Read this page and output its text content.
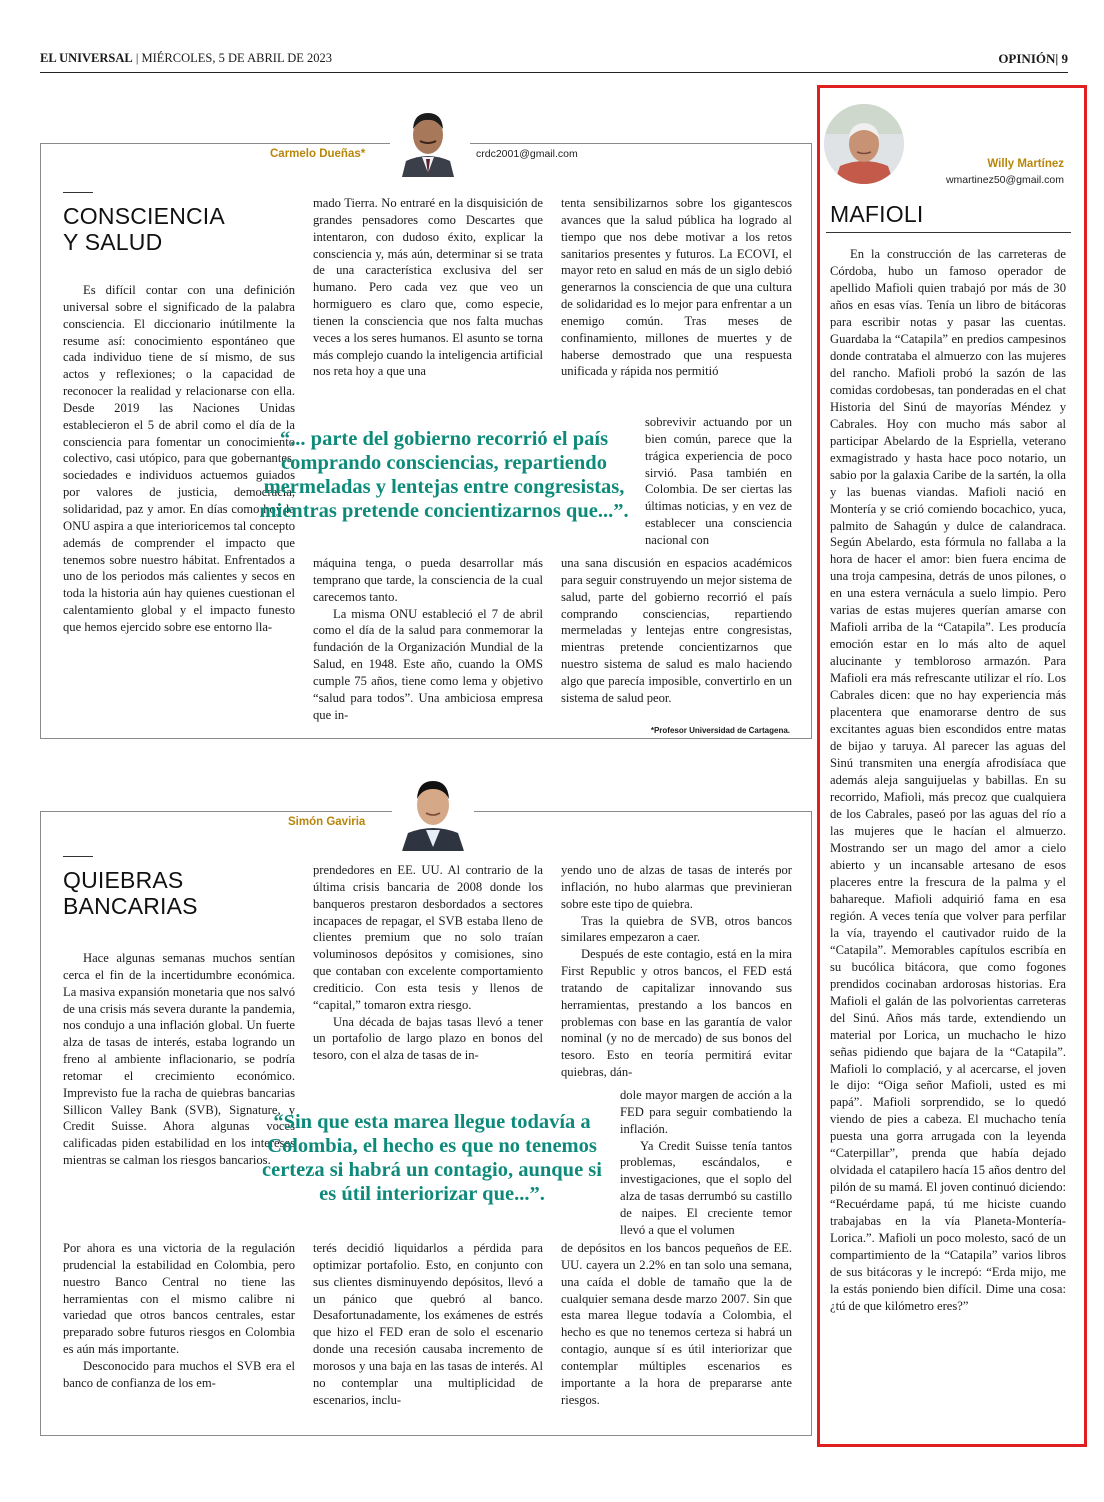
EL UNIVERSAL | MIÉRCOLES, 5 DE ABRIL DE 2023	OPINIÓN| 9
Carmelo Dueñas*	crdc2001@gmail.com
CONSCIENCIA
Y SALUD

Es difícil contar con una definición universal sobre el significado de la palabra consciencia. El diccionario inútilmente la resume así: conocimiento espontáneo que cada individuo tiene de sí mismo, de sus actos y reflexiones; o la capacidad de reconocer la realidad y relacionarse con ella. Desde 2019 las Naciones Unidas establecieron el 5 de abril como el día de la consciencia para fomentar un conocimiento colectivo, casi utópico, para que gobernantes, sociedades e individuos actuemos guiados por valores de justicia, democracia, solidaridad, paz y amor. En días como hoy la ONU aspira a que interioricemos tal concepto además de comprender el impacto que tenemos sobre nuestro hábitat. Enfrentados a uno de los periodos más calientes y secos en toda la historia aún hay quienes cuestionan el calentamiento global y el impacto funesto que hemos ejercido sobre ese entorno lla-

mado Tierra. No entraré en la disquisición de grandes pensadores como Descartes que intentaron, con dudoso éxito, explicar la consciencia y, más aún, determinar si se trata de una característica exclusiva del ser humano. Pero cada vez que veo un hormiguero es claro que, como especie, tienen la consciencia que nos falta muchas veces a los seres humanos. El asunto se torna más complejo cuando la inteligencia artificial nos reta hoy a que una

tenta sensibilizarnos sobre los gigantescos avances que la salud pública ha logrado al tiempo que nos debe motivar a los retos sanitarios presentes y futuros. La ECOVI, el mayor reto en salud en más de un siglo debió generarnos la consciencia de que una cultura de solidaridad es lo mejor para enfrentar a un enemigo común. Tras meses de confinamiento, millones de muertes y de haberse demostrado que una respuesta unificada y rápida nos permitió

sobrevivir actuando por un bien común, parece que la trágica experiencia de poco sirvió. Pasa también en Colombia. De ser ciertas las últimas noticias, y en vez de establecer una consciencia nacional con

“... parte del gobierno recorrió el país comprando consciencias, repartiendo mermeladas y lentejas entre congresistas, mientras pretende concientizarnos que...”.

máquina tenga, o pueda desarrollar más temprano que tarde, la consciencia de la cual carecemos tanto.

La misma ONU estableció el 7 de abril como el día de la salud para conmemorar la fundación de la Organización Mundial de la Salud, en 1948. Este año, cuando la OMS cumple 75 años, tiene como lema y objetivo “salud para todos”. Una ambiciosa empresa que in-

una sana discusión en espacios académicos para seguir construyendo un mejor sistema de salud, parte del gobierno recorrió el país comprando consciencias, repartiendo mermeladas y lentejas entre congresistas, mientras pretende concientizarnos que nuestro sistema de salud es malo haciendo algo que parecía imposible, convertirlo en un sistema de salud peor.

*Profesor Universidad de Cartagena.
Simón Gaviria
QUIEBRAS
BANCARIAS

Hace algunas semanas muchos sentían cerca el fin de la incertidumbre económica. La masiva expansión monetaria que nos salvó de una crisis más severa durante la pandemia, nos condujo a una inflación global. Un fuerte alza de tasas de interés, estaba logrando un freno al ambiente inflacionario, se podría retomar el crecimiento económico. Imprevisto fue la racha de quiebras bancarias Sillicon Valley Bank (SVB), Signature, y Credit Suisse. Ahora algunas voces calificadas piden estabilidad en los intereses mientras se calman los riesgos bancarios.

Por ahora es una victoria de la regulación prudencial la estabilidad en Colombia, pero nuestro Banco Central no tiene las herramientas con el mismo calibre ni variedad que otros bancos centrales, estar preparado sobre futuros riesgos en Colombia es aún más importante.

Desconocido para muchos el SVB era el banco de confianza de los em-

prendedores en EE. UU. Al contrario de la última crisis bancaria de 2008 donde los banqueros prestaron desbordados a sectores incapaces de repagar, el SVB estaba lleno de clientes premium que no solo traían voluminosos depósitos y comisiones, sino que contaban con excelente comportamiento crediticio. Con esta tesis y llenos de “capital,” tomaron extra riesgo.

Una década de bajas tasas llevó a tener un portafolio de largo plazo en bonos del tesoro, con el alza de tasas de in-

yendo uno de alzas de tasas de interés por inflación, no hubo alarmas que previnieran sobre este tipo de quiebra.

Tras la quiebra de SVB, otros bancos similares empezaron a caer.

Después de este contagio, está en la mira First Republic y otros bancos, el FED está tratando de capitalizar innovando sus herramientas, prestando a los bancos en problemas con base en las garantía de valor nominal (y no de mercado) de sus bonos del tesoro. Esto en teoría permitirá evitar quiebras, dán-

dole mayor margen de acción a la FED para seguir combatiendo la inflación.

Ya Credit Suisse tenía tantos problemas, escándalos, e investigaciones, que el soplo del alza de tasas derrumbó su castillo de naipes. El creciente temor llevó a que el volumen

“Sin que esta marea llegue todavía a Colombia, el hecho es que no tenemos certeza si habrá un contagio, aunque si es útil interiorizar que...”.

terés decidió liquidarlos a pérdida para optimizar portafolio. Esto, en conjunto con sus clientes disminuyendo depósitos, llevó a un pánico que quebró al banco. Desafortunadamente, los exámenes de estrés que hizo el FED eran de solo el escenario donde una recesión causaba incremento de morosos y una baja en las tasas de interés. Al no contemplar una multiplicidad de escenarios, inclu-

de depósitos en los bancos pequeños de EE. UU. cayera un 2.2% en tan solo una semana, una caída el doble de tamaño que la de cualquier semana desde marzo 2007. Sin que esta marea llegue todavía a Colombia, el hecho es que no tenemos certeza si habrá un contagio, aunque sí es útil interiorizar que contemplar múltiples escenarios es importante a la hora de prepararse ante riesgos.

Willy Martínez
wmartinez50@gmail.com
MAFIOLI

En la construcción de las carreteras de Córdoba, hubo un famoso operador de apellido Mafioli quien trabajó por más de 30 años en esas vías. Tenía un libro de bitácoras para escribir notas y pasar las cuentas. Guardaba la “Catapila” en predios campesinos donde contrataba el almuerzo con las mujeres del rancho. Mafioli probó la sazón de las comidas cordobesas, tan ponderadas en el chat Historia del Sinú de mayorías Méndez y Cabrales. Hoy con mucho más sabor al participar Abelardo de la Espriella, veterano exmagistrado y hasta hace poco notario, un sabio por la galaxia Caribe de la sartén, la olla y las buenas viandas. Mafioli nació en Montería y se crió comiendo bocachico, yuca, palmito de Sahagún y dulce de calandraca. Según Abelardo, esta fórmula no fallaba a la hora de hacer el amor: bien fuera encima de una troja campesina, detrás de unos pilones, o en una estera vernácula a suelo limpio. Pero varias de estas mujeres querían amarse con Mafioli arriba de la “Catapila”. Les producía emoción estar en lo más alto de aquel alucinante y tembloroso armazón. Para Mafioli era más refrescante utilizar el río. Los Cabrales dicen: que no hay experiencia más placentera que enamorarse dentro de sus excitantes aguas bien escondidos entre matas de bijao y taruya. Al parecer las aguas del Sinú transmiten una energía afrodisíaca que además aleja sanguijuelas y babillas. En su recorrido, Mafioli, más precoz que cualquiera de los Cabrales, paseó por las aguas del río a las mujeres que le hacían el almuerzo. Mostrando ser un mago del amor a cielo abierto y un incansable artesano de esos placeres entre la frescura de la palma y el bahareque. Mafioli adquirió fama en esa región. A veces tenía que volver para perfilar la vía, trayendo el cautivador ruido de la “Catapila”. Memorables capítulos escribía en su bucólica bitácora, que como fogones prendidos cocinaban ardorosas historias. Era Mafioli el galán de las polvorientas carreteras del Sinú. Años más tarde, extendiendo un material por Lorica, un muchacho le hizo señas pidiendo que bajara de la “Catapila”. Mafioli lo complació, y al acercarse, el joven le dijo: “Oiga señor Mafioli, usted es mi papá”. Mafioli sorprendido, se lo quedó viendo de pies a cabeza. El muchacho tenía puesta una gorra arrugada con la leyenda “Caterpillar”, prenda que había dejado olvidada el catapilero hacía 15 años dentro del pilón de su mamá. El joven continuó diciendo: “Recuérdame papá, tú me hiciste cuando trabajabas en la vía Planeta-Montería-Lorica.”. Mafioli un poco molesto, sacó de un compartimiento de la “Catapila” varios libros de sus bitácoras y le increpó: “Erda mijo, me la estás poniendo bien difícil. Dime una cosa: ¿tú de que kilómetro eres?”
